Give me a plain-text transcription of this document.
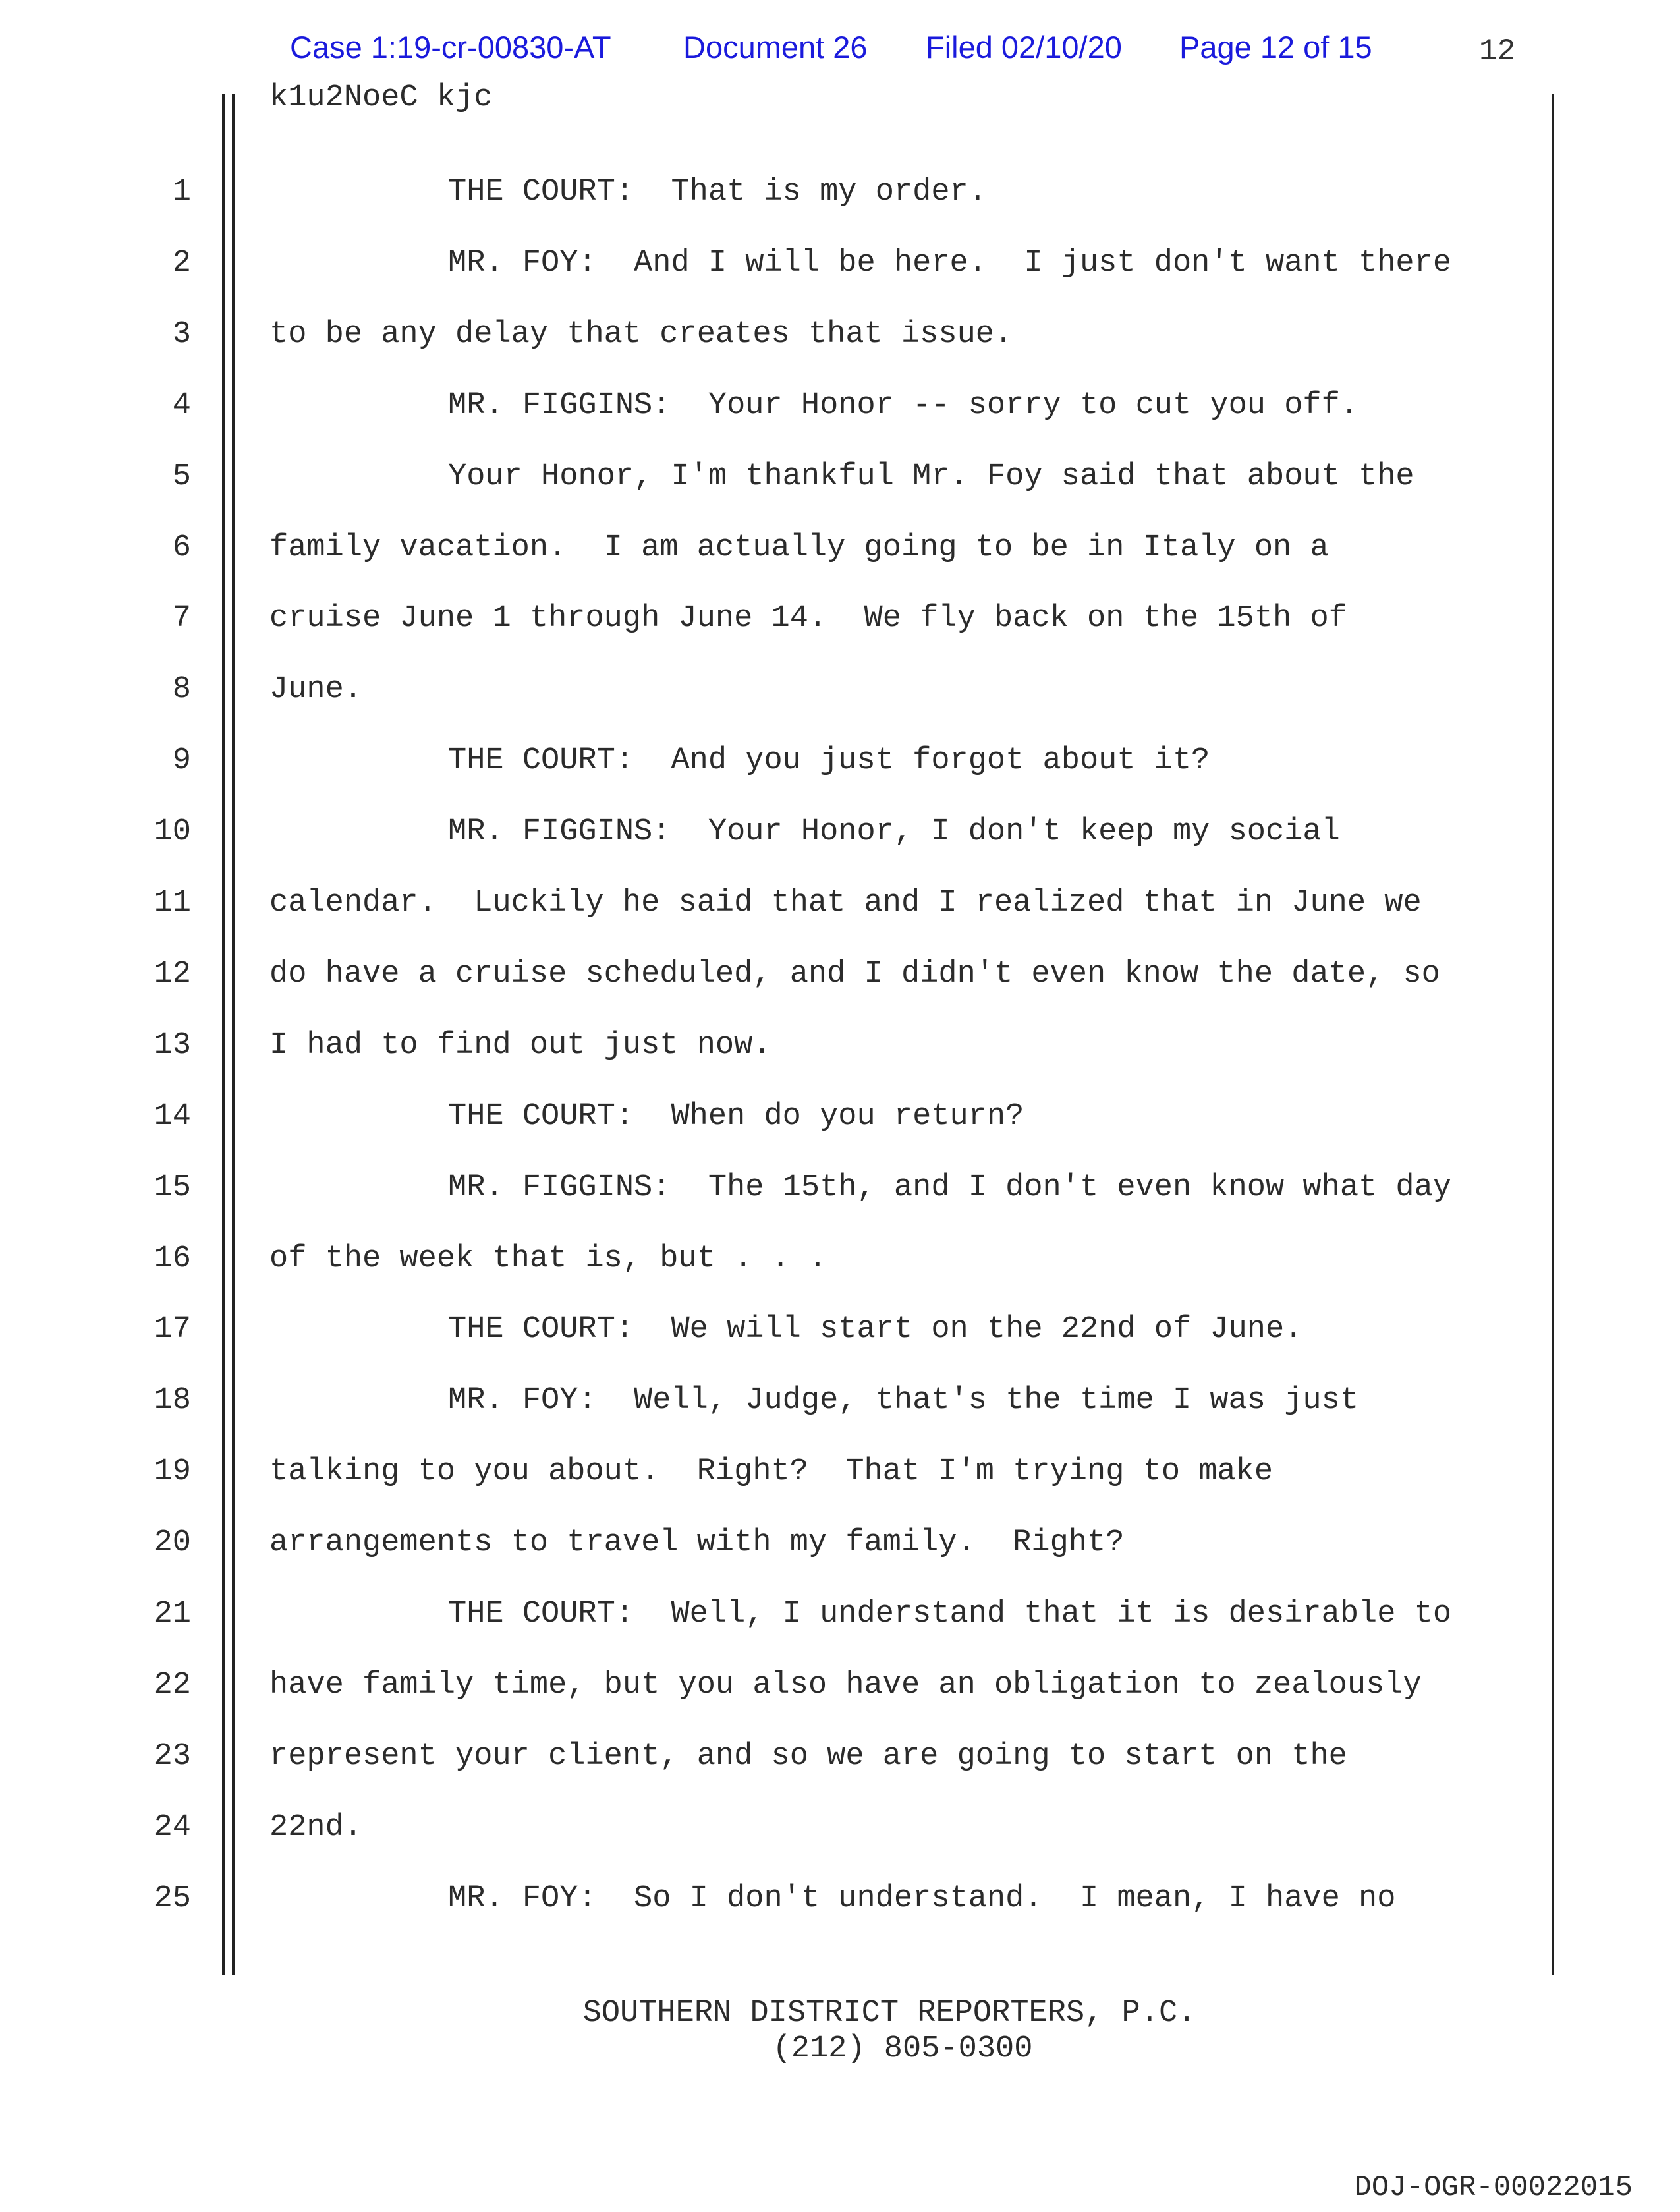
Case 1:19-cr-00830-AT Document 26 Filed 02/10/20 Page 12 of 15	12
k1u2NoeC kjc
1	THE COURT:  That is my order.
2	MR. FOY:  And I will be here.  I just don't want there
3	to be any delay that creates that issue.
4	MR. FIGGINS:  Your Honor -- sorry to cut you off.
5	Your Honor, I'm thankful Mr. Foy said that about the
6	family vacation.  I am actually going to be in Italy on a
7	cruise June 1 through June 14.  We fly back on the 15th of
8	June.
9	THE COURT:  And you just forgot about it?
10	MR. FIGGINS:  Your Honor, I don't keep my social
11	calendar.  Luckily he said that and I realized that in June we
12	do have a cruise scheduled, and I didn't even know the date, so
13	I had to find out just now.
14	THE COURT:  When do you return?
15	MR. FIGGINS:  The 15th, and I don't even know what day
16	of the week that is, but . . .
17	THE COURT:  We will start on the 22nd of June.
18	MR. FOY:  Well, Judge, that's the time I was just
19	talking to you about.  Right?  That I'm trying to make
20	arrangements to travel with my family.  Right?
21	THE COURT:  Well, I understand that it is desirable to
22	have family time, but you also have an obligation to zealously
23	represent your client, and so we are going to start on the
24	22nd.
25	MR. FOY:  So I don't understand.  I mean, I have no
SOUTHERN DISTRICT REPORTERS, P.C.
(212) 805-0300
DOJ-OGR-00022015
